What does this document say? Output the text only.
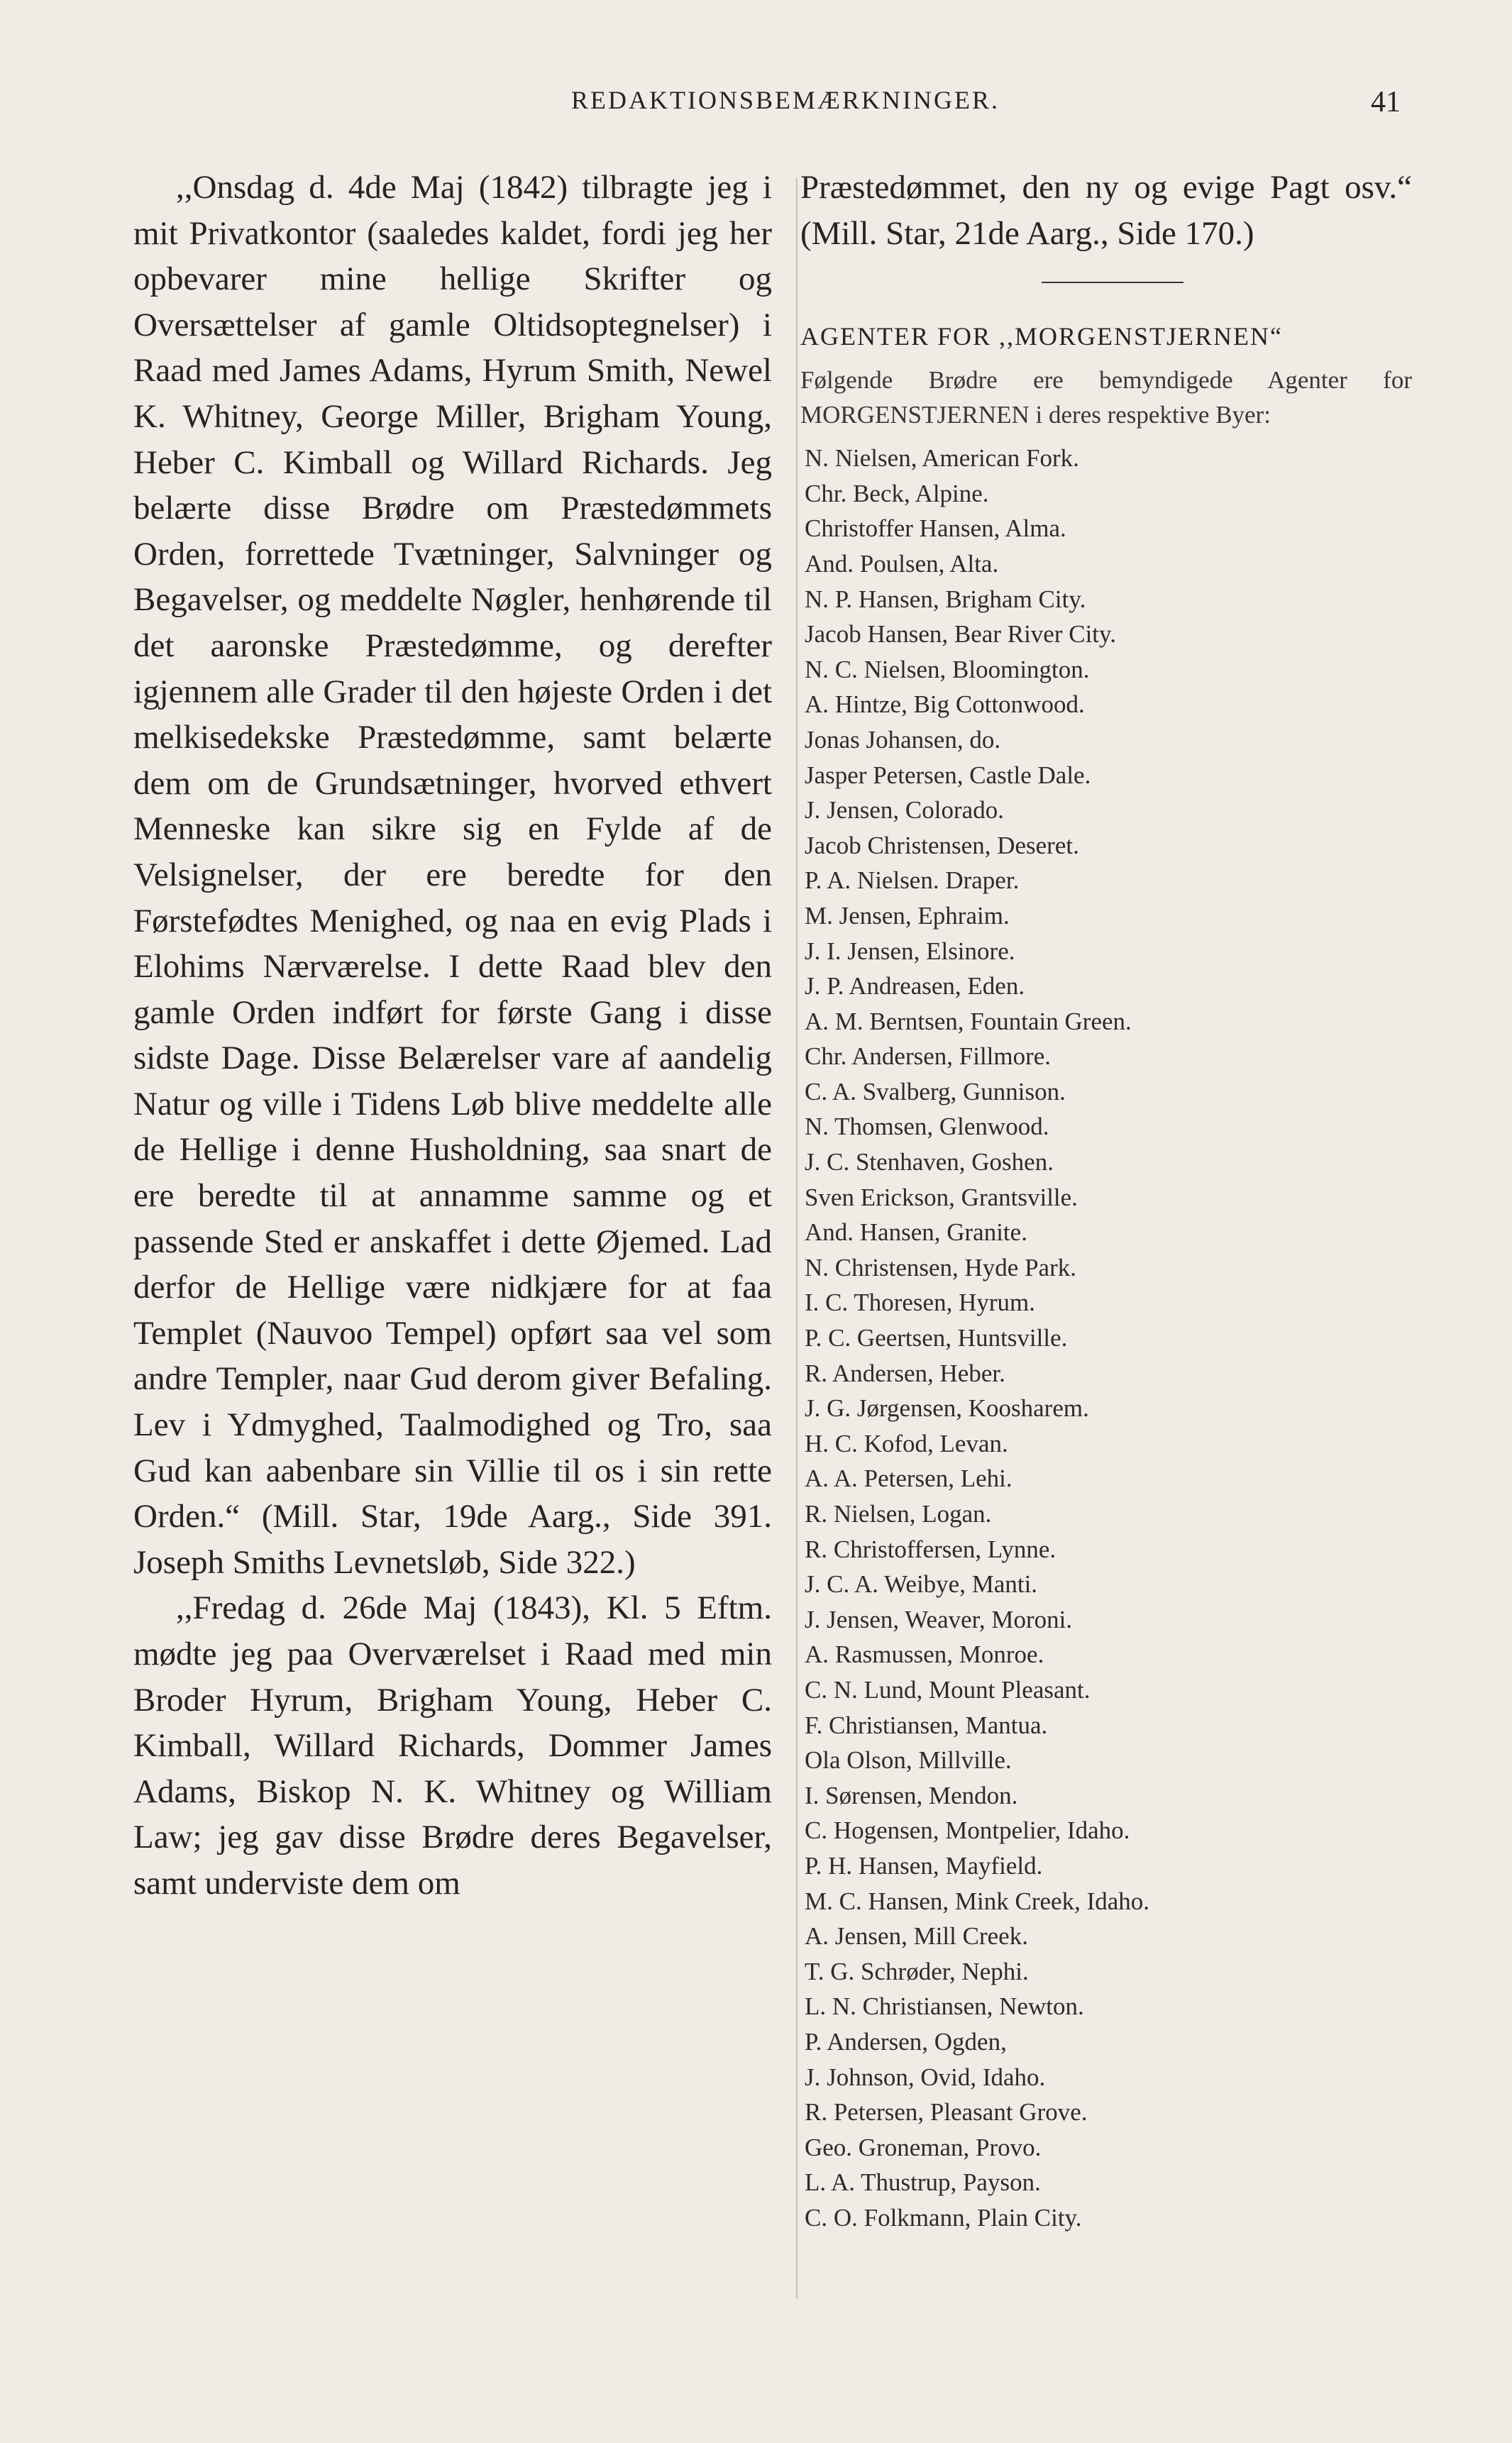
REDAKTIONSBEMÆRKNINGER.	41

,,Onsdag d. 4de Maj (1842) tilbragte jeg i mit Privatkontor (saaledes kaldet, fordi jeg her opbevarer mine hellige Skrifter og Oversættelser af gamle Oltidsoptegnelser) i Raad med James Adams, Hyrum Smith, Newel K. Whitney, George Miller, Brigham Young, Heber C. Kimball og Willard Richards. Jeg belærte disse Brødre om Præstedømmets Orden, forrettede Tvætninger, Salvninger og Begavelser, og meddelte Nøgler, henhørende til det aaronske Præstedømme, og derefter igjennem alle Grader til den højeste Orden i det melkisedekske Præstedømme, samt belærte dem om de Grundsætninger, hvorved ethvert Menneske kan sikre sig en Fylde af de Velsignelser, der ere beredte for den Førstefødtes Menighed, og naa en evig Plads i Elohims Nærværelse. I dette Raad blev den gamle Orden indført for første Gang i disse sidste Dage. Disse Belærelser vare af aandelig Natur og ville i Tidens Løb blive meddelte alle de Hellige i denne Husholdning, saa snart de ere beredte til at annamme samme og et passende Sted er anskaffet i dette Øjemed. Lad derfor de Hellige være nidkjære for at faa Templet (Nauvoo Tempel) opført saa vel som andre Templer, naar Gud derom giver Befaling. Lev i Ydmyghed, Taalmodighed og Tro, saa Gud kan aabenbare sin Villie til os i sin rette Orden.“ (Mill. Star, 19de Aarg., Side 391. Joseph Smiths Levnetsløb, Side 322.)

,,Fredag d. 26de Maj (1843), Kl. 5 Eftm. mødte jeg paa Overværelset i Raad med min Broder Hyrum, Brigham Young, Heber C. Kimball, Willard Richards, Dommer James Adams, Biskop N. K. Whitney og William Law; jeg gav disse Brødre deres Begavelser, samt underviste dem om

Præstedømmet, den ny og evige Pagt osv.“ (Mill. Star, 21de Aarg., Side 170.)

AGENTER FOR ,,MORGENSTJERNEN“

Følgende Brødre ere bemyndigede Agenter for MORGENSTJERNEN i deres respektive Byer:

N. Nielsen, American Fork.
Chr. Beck, Alpine.
Christoffer Hansen, Alma.
And. Poulsen, Alta.
N. P. Hansen, Brigham City.
Jacob Hansen, Bear River City.
N. C. Nielsen, Bloomington.
A. Hintze, Big Cottonwood.
Jonas Johansen, do.
Jasper Petersen, Castle Dale.
J. Jensen, Colorado.
Jacob Christensen, Deseret.
P. A. Nielsen. Draper.
M. Jensen, Ephraim.
J. I. Jensen, Elsinore.
J. P. Andreasen, Eden.
A. M. Berntsen, Fountain Green.
Chr. Andersen, Fillmore.
C. A. Svalberg, Gunnison.
N. Thomsen, Glenwood.
J. C. Stenhaven, Goshen.
Sven Erickson, Grantsville.
And. Hansen, Granite.
N. Christensen, Hyde Park.
I. C. Thoresen, Hyrum.
P. C. Geertsen, Huntsville.
R. Andersen, Heber.
J. G. Jørgensen, Koosharem.
H. C. Kofod, Levan.
A. A. Petersen, Lehi.
R. Nielsen, Logan.
R. Christoffersen, Lynne.
J. C. A. Weibye, Manti.
J. Jensen, Weaver, Moroni.
A. Rasmussen, Monroe.
C. N. Lund, Mount Pleasant.
F. Christiansen, Mantua.
Ola Olson, Millville.
I. Sørensen, Mendon.
C. Hogensen, Montpelier, Idaho.
P. H. Hansen, Mayfield.
M. C. Hansen, Mink Creek, Idaho.
A. Jensen, Mill Creek.
T. G. Schrøder, Nephi.
L. N. Christiansen, Newton.
P. Andersen, Ogden,
J. Johnson, Ovid, Idaho.
R. Petersen, Pleasant Grove.
Geo. Groneman, Provo.
L. A. Thustrup, Payson.
C. O. Folkmann, Plain City.
